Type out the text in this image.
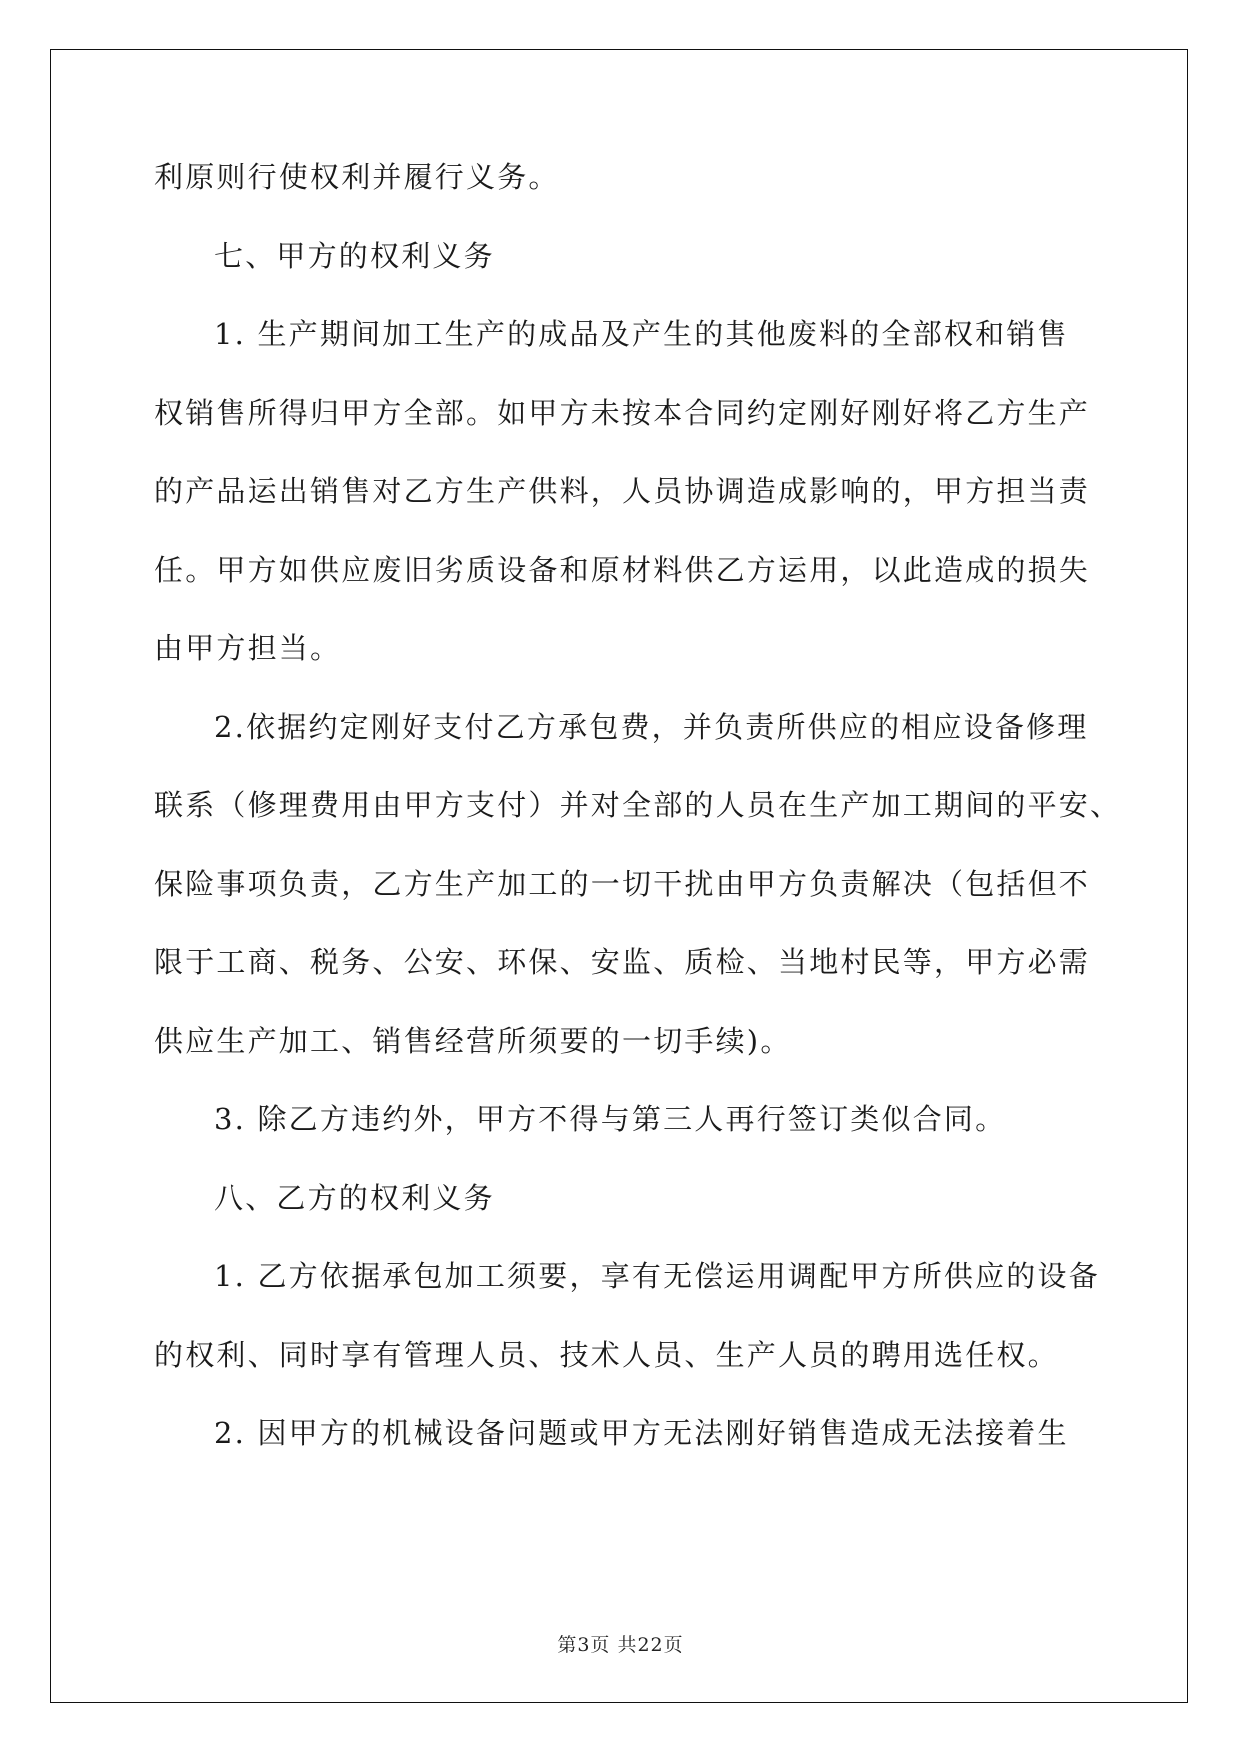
利原则行使权利并履行义务。
七、甲方的权利义务
1. 生产期间加工生产的成品及产生的其他废料的全部权和销售
权销售所得归甲方全部。如甲方未按本合同约定刚好刚好将乙方生产
的产品运出销售对乙方生产供料，人员协调造成影响的，甲方担当责
任。甲方如供应废旧劣质设备和原材料供乙方运用，以此造成的损失
由甲方担当。
2.依据约定刚好支付乙方承包费，并负责所供应的相应设备修理
联系（修理费用由甲方支付）并对全部的人员在生产加工期间的平安、
保险事项负责，乙方生产加工的一切干扰由甲方负责解决（包括但不
限于工商、税务、公安、环保、安监、质检、当地村民等，甲方必需
供应生产加工、销售经营所须要的一切手续)。
3. 除乙方违约外，甲方不得与第三人再行签订类似合同。
八、乙方的权利义务
1. 乙方依据承包加工须要，享有无偿运用调配甲方所供应的设备
的权利、同时享有管理人员、技术人员、生产人员的聘用选任权。
2. 因甲方的机械设备问题或甲方无法刚好销售造成无法接着生
第3页 共22页
